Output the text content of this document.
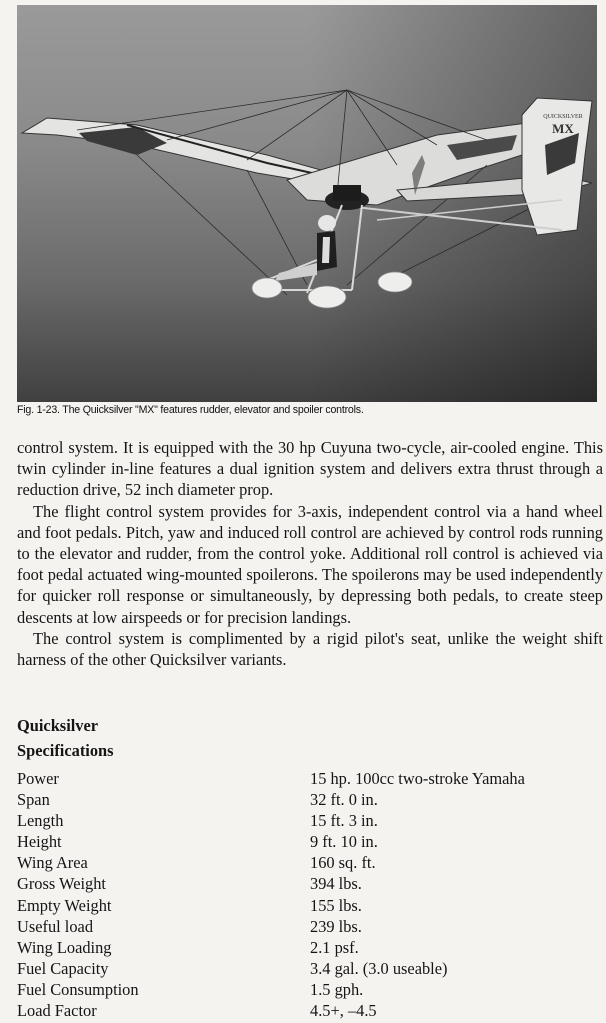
QUICKSILVER
MX
Fig. 1-23. The Quicksilver "MX" features rudder, elevator and spoiler controls.

control system. It is equipped with the 30 hp Cuyuna two-cycle, air-cooled engine. This twin cylinder in-line features a dual ignition system and delivers extra thrust through a reduction drive, 52 inch diameter prop.

The flight control system provides for 3-axis, independent control via a hand wheel and foot pedals. Pitch, yaw and induced roll control are achieved by control rods running to the elevator and rudder, from the control yoke. Additional roll control is achieved via foot pedal actuated wing-mounted spoilerons. The spoilerons may be used independently for quicker roll response or simultaneously, by depressing both pedals, to create steep descents at low airspeeds or for precision landings.

The control system is complimented by a rigid pilot's seat, unlike the weight shift harness of the other Quicksilver variants.

Quicksilver
Specifications
Power	15 hp. 100cc two-stroke Yamaha
Span	32 ft. 0 in.
Length	15 ft. 3 in.
Height	9 ft. 10 in.
Wing Area	160 sq. ft.
Gross Weight	394 lbs.
Empty Weight	155 lbs.
Useful load	239 lbs.
Wing Loading	2.1 psf.
Fuel Capacity	3.4 gal. (3.0 useable)
Fuel Consumption	1.5 gph.
Load Factor	4.5+, –4.5
